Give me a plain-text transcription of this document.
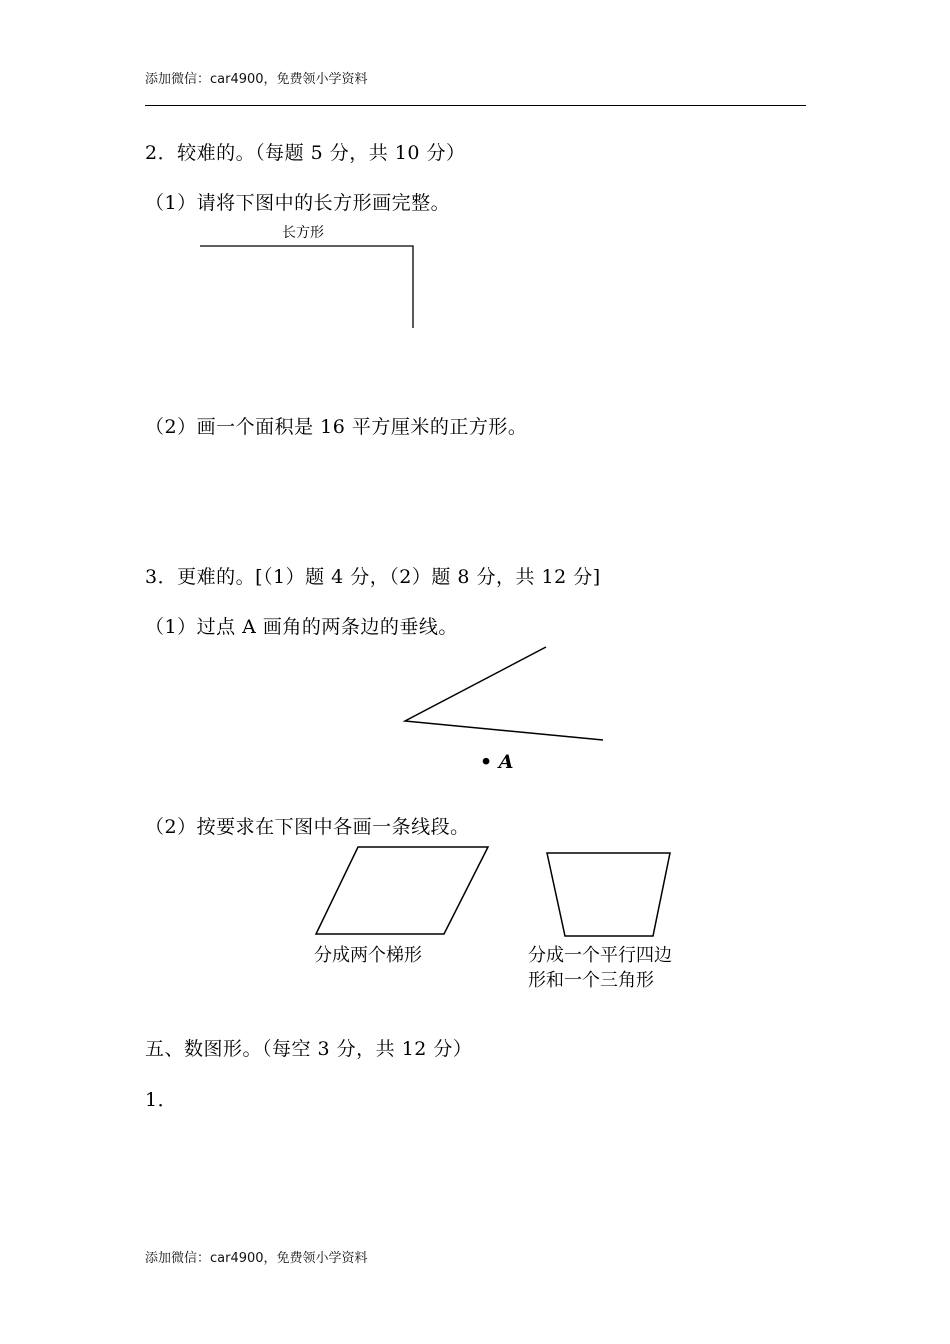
添加微信：car4900，免费领小学资料
2．较难的。（每题 5 分，共 10 分）
（1）请将下图中的长方形画完整。
长方形
（2）画一个面积是 16 平方厘米的正方形。
3．更难的。[（1）题 4 分，（2）题 8 分，共 12 分]
（1）过点 A 画角的两条边的垂线。
• A
（2）按要求在下图中各画一条线段。
分成两个梯形	分成一个平行四边
形和一个三角形
五、数图形。（每空 3 分，共 12 分）
1．
添加微信：car4900，免费领小学资料
